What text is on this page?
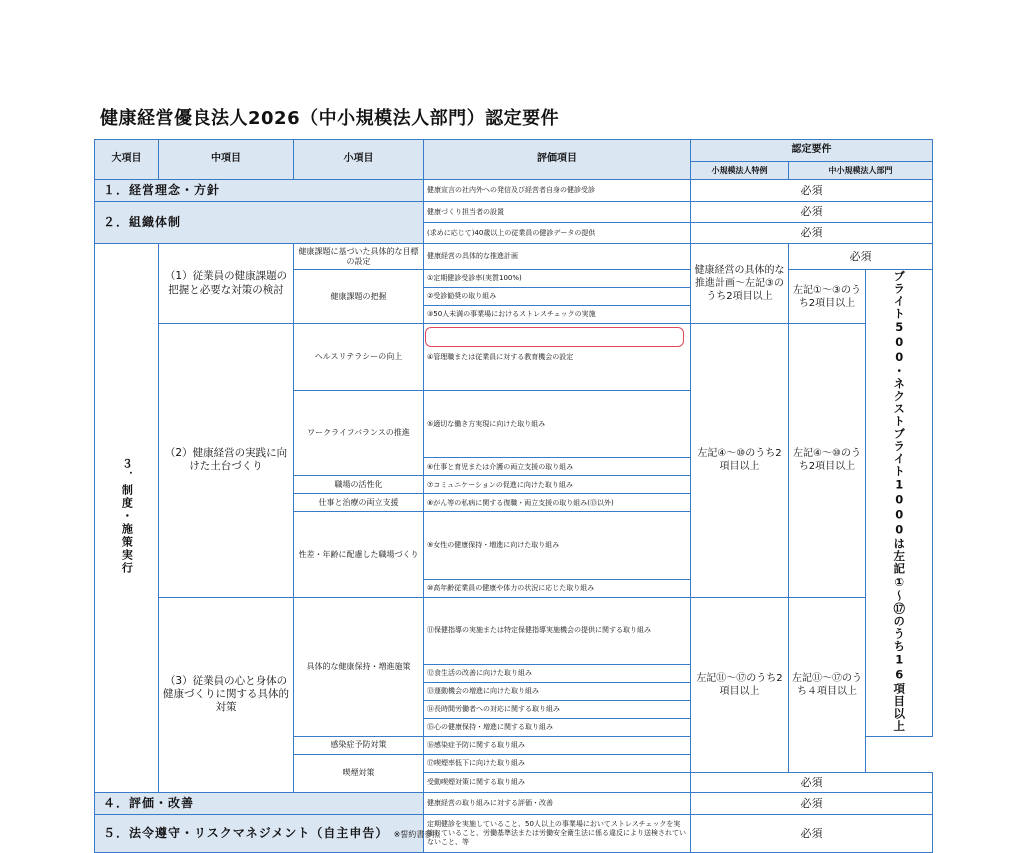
健康経営優良法人2026（中小規模法人部門）認定要件
大項目	中項目	小項目	評価項目	認定要件		
				小規模法人特例	中小規模法人部門	
１．経営理念・方針			健康宣言の社内外への発信及び経営者自身の健診受診	必須		
２．組織体制			健康づくり担当者の設置	必須		
			(求めに応じて)40歳以上の従業員の健診データの提供	必須		
３．制度・施策実行	（1）従業員の健康課題の把握と必要な対策の検討	健康課題に基づいた具体的な目標の設定	健康経営の具体的な推進計画	健康経営の具体的な推進計画～左記③のうち2項目以上	必須	
		健康課題の把握	①定期健診受診率(実質100%)		左記①～③のうち2項目以上	ブライト500・ネクストブライト1000は左記①～⑰のうち16項目以上
			②受診勧奨の取り組み			
			③50人未満の事業場におけるストレスチェックの実施			
	（2）健康経営の実践に向けた土台づくり	ヘルスリテラシーの向上	④管理職または従業員に対する教育機会の設定	左記④～⑩のうち2項目以上	左記④～⑩のうち2項目以上	
		ワークライフバランスの推進	⑤適切な働き方実現に向けた取り組み			
			⑥仕事と育児または介護の両立支援の取り組み			
		職場の活性化	⑦コミュニケーションの促進に向けた取り組み			
		仕事と治療の両立支援	⑧がん等の私病に関する復職・両立支援の取り組み(⑬以外)			
		性差・年齢に配慮した職場づくり	⑨女性の健康保持・増進に向けた取り組み			
			⑩高年齢従業員の健康や体力の状況に応じた取り組み			
	（3）従業員の心と身体の健康づくりに関する具体的対策	具体的な健康保持・増進施策	⑪保健指導の実施または特定保健指導実施機会の提供に関する取り組み	左記⑪～⑰のうち2項目以上	左記⑪～⑰のうち４項目以上	
			⑫食生活の改善に向けた取り組み			
			⑬運動機会の増進に向けた取り組み			
			⑭長時間労働者への対応に関する取り組み			
			⑮心の健康保持・増進に関する取り組み			
		感染症予防対策	⑯感染症予防に関する取り組み			
		喫煙対策	⑰喫煙率低下に向けた取り組み			
			受動喫煙対策に関する取り組み	必須		
４．評価・改善			健康経営の取り組みに対する評価・改善	必須		
５．法令遵守・リスクマネジメント（自主申告） ※誓約書参照			定期健診を実施していること、50人以上の事業場においてストレスチェックを実施していること、労働基準法または労働安全衛生法に係る違反により送検されていないこと、等	必須		
